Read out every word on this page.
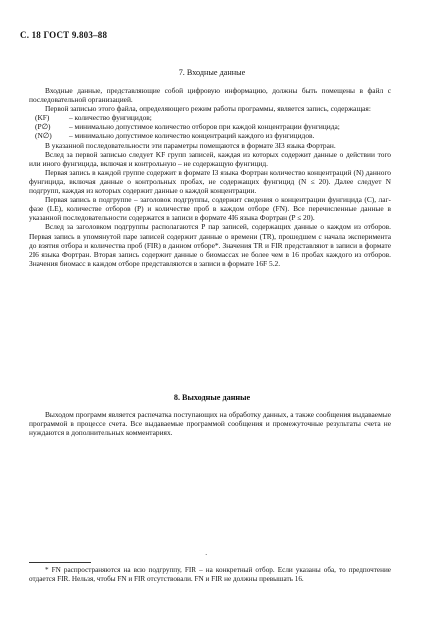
С. 18 ГОСТ 9.803–88
7. Входные данные

Входные данные, представляющие собой цифровую информацию, должны быть помещены в файл с последовательной организацией.

Первой записью этого файла, определяющего режим работы программы, является запись, содержащая:

(KF)	– количество фунгицидов;
(P∅)	– минимально допустимое количество отборов при каждой концентрации фунгицида;
(N∅)	– минимально допустимое количество концентраций каждого из фунгицидов.

В указанной последовательности эти параметры помещаются в формате 3I3 языка Фортран.

Вслед за первой записью следует KF групп записей, каждая из которых содержит данные о действии того или иного фунгицида, включая и контрольную – не содержащую фунгицид.

Первая запись в каждой группе содержит в формате I3 языка Фортран количество концентраций (N) данного фунгицида, включая данные о контрольных пробах, не содержащих фунгицид (N ≤ 20). Далее следует N подгрупп, каждая из которых содержит данные о каждой концентрации.

Первая запись в подгруппе – заголовок подгруппы, содержит сведения о концентрации фунгицида (C), лаг-фазе (LE), количестве отборов (P) и количестве проб в каждом отборе (FN). Все перечисленные данные в указанной последовательности содержатся в записи в формате 4I6 языка Фортран (P ≤ 20).

Вслед за заголовком подгруппы располагаются P пар записей, содержащих данные о каждом из отборов. Первая запись в упомянутой паре записей содержит данные о времени (TR), прошедшем с начала эксперимента до взятия отбора и количества проб (FIR) в данном отборе*. Значения TR и FIR представляют в записи в формате 2I6 языка Фортран. Вторая запись содержит данные о биомассах не более чем в 16 пробах каждого из отборов. Значения биомасс в каждом отборе представляются в записи в формате 16F 5.2.

8. Выходные данные

Выходом программ является распечатка поступающих на обработку данных, а также сообщения выдаваемые программой в процессе счета. Все выдаваемые программой сообщения и промежуточные результаты счета не нуждаются в дополнительных комментариях.

·

* FN распространяются на всю подгруппу, FIR – на конкретный отбор. Если указаны оба, то предпочтение отдается FIR. Нельзя, чтобы FN и FIR отсутствовали. FN и FIR не должны превышать 16.
